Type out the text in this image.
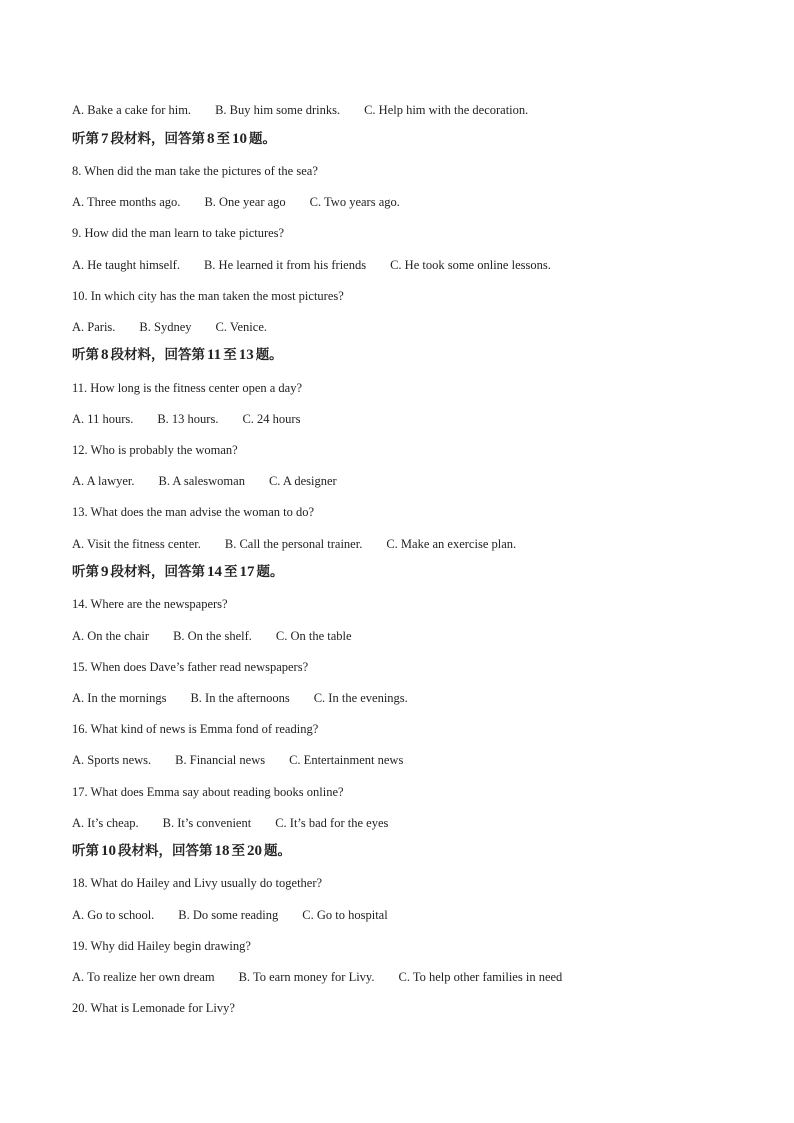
A. Bake a cake for him. B. Buy him some drinks. C. Help him with the decoration.
听第 7 段材料，回答第 8 至 10 题。
8. When did the man take the pictures of the sea?
A. Three months ago. B. One year ago C. Two years ago.
9. How did the man learn to take pictures?
A. He taught himself. B. He learned it from his friends C. He took some online lessons.
10. In which city has the man taken the most pictures?
A. Paris. B. Sydney C. Venice.
听第 8 段材料，回答第 11 至 13 题。
11. How long is the fitness center open a day?
A. 11 hours. B. 13 hours. C. 24 hours
12. Who is probably the woman?
A. A lawyer. B. A saleswoman C. A designer
13. What does the man advise the woman to do?
A. Visit the fitness center. B. Call the personal trainer. C. Make an exercise plan.
听第 9 段材料，回答第 14 至 17 题。
14. Where are the newspapers?
A. On the chair B. On the shelf. C. On the table
15. When does Dave’s father read newspapers?
A. In the mornings B. In the afternoons C. In the evenings.
16. What kind of news is Emma fond of reading?
A. Sports news. B. Financial news C. Entertainment news
17. What does Emma say about reading books online?
A. It’s cheap. B. It’s convenient C. It’s bad for the eyes
听第 10 段材料，回答第 18 至 20 题。
18. What do Hailey and Livy usually do together?
A. Go to school. B. Do some reading C. Go to hospital
19. Why did Hailey begin drawing?
A. To realize her own dream B. To earn money for Livy. C. To help other families in need
20. What is Lemonade for Livy?
